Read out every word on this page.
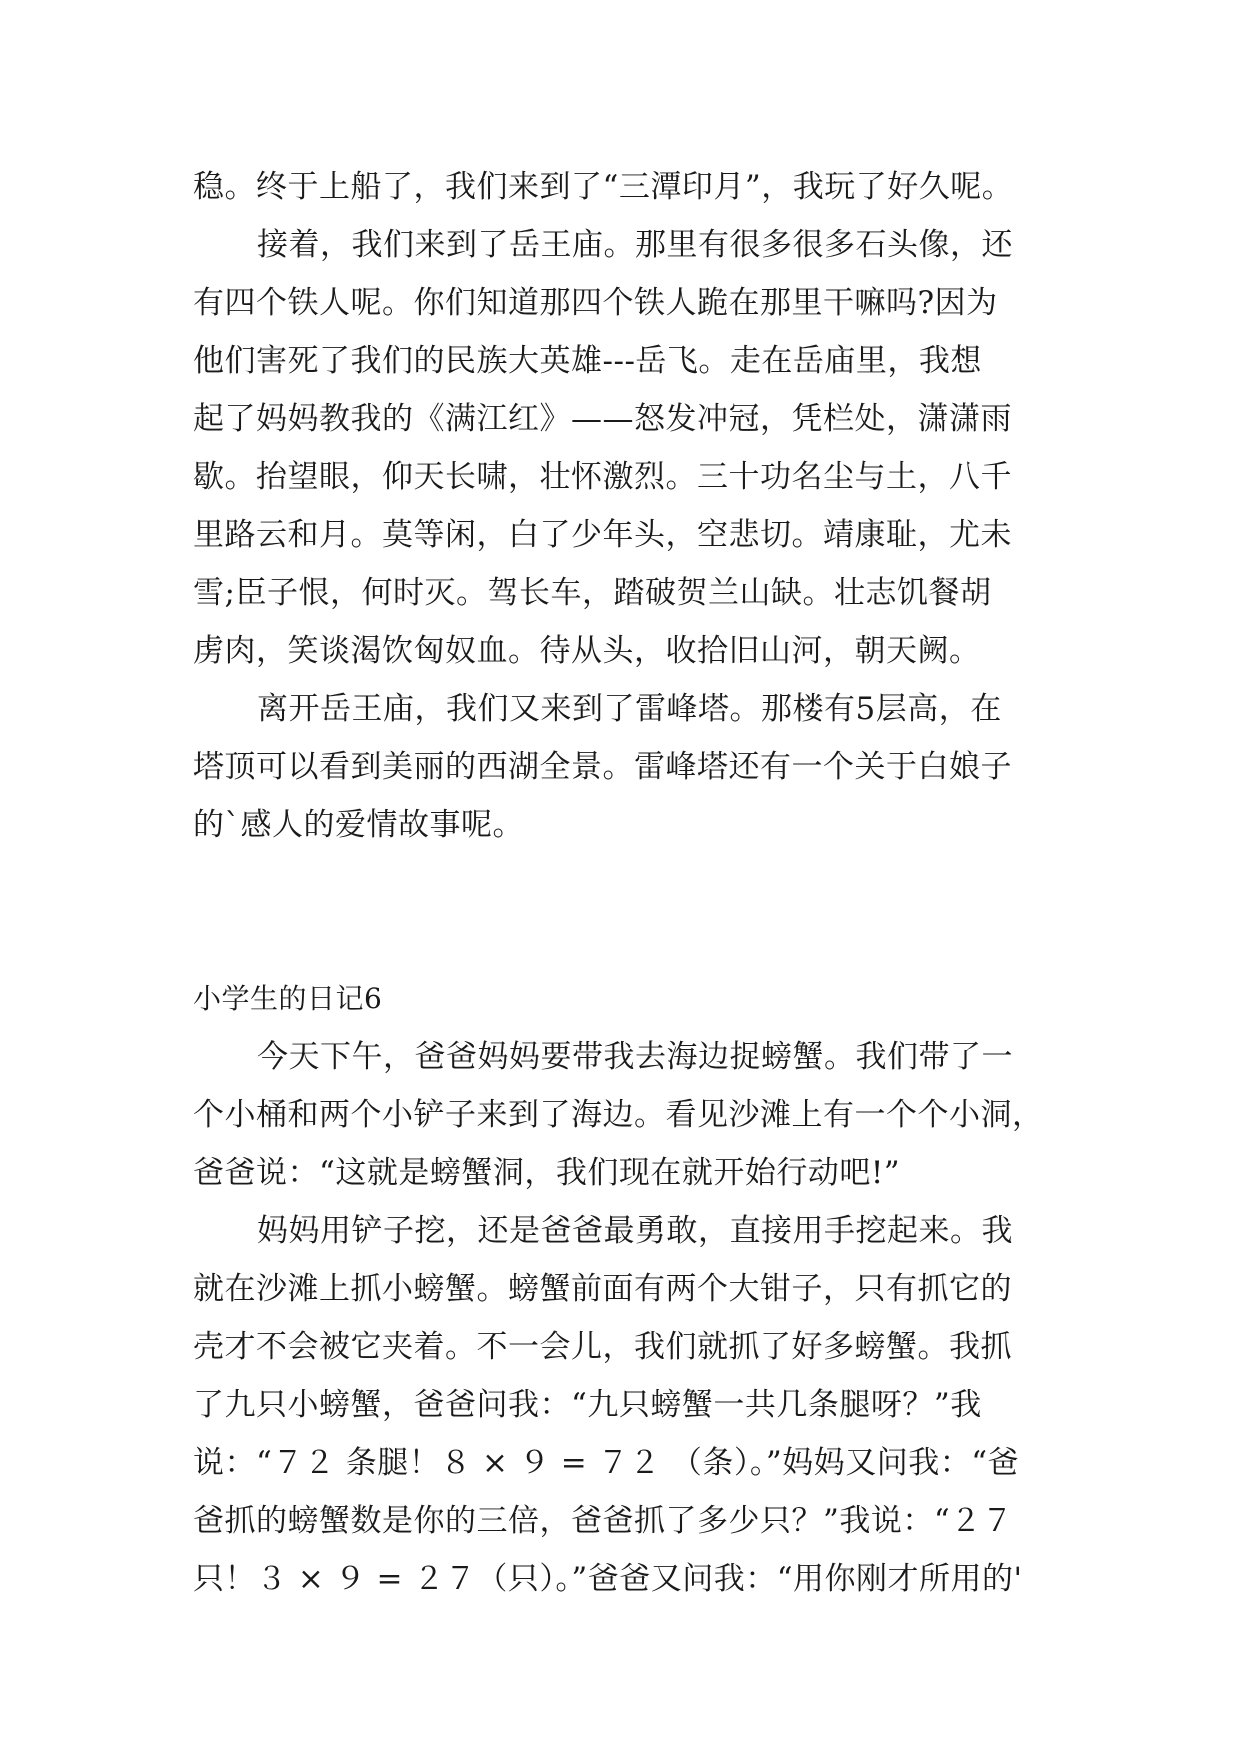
稳。终于上船了，我们来到了“三潭印月”，我玩了好久呢。
接着，我们来到了岳王庙。那里有很多很多石头像，还
有四个铁人呢。你们知道那四个铁人跪在那里干嘛吗?因为
他们害死了我们的民族大英雄---岳飞。走在岳庙里，我想
起了妈妈教我的《满江红》——怒发冲冠，凭栏处，潇潇雨
歇。抬望眼，仰天长啸，壮怀激烈。三十功名尘与土，八千
里路云和月。莫等闲，白了少年头，空悲切。靖康耻，尤未
雪;臣子恨，何时灭。驾长车，踏破贺兰山缺。壮志饥餐胡
虏肉，笑谈渴饮匈奴血。待从头，收拾旧山河，朝天阙。
离开岳王庙，我们又来到了雷峰塔。那楼有5层高，在
塔顶可以看到美丽的西湖全景。雷峰塔还有一个关于白娘子
的`感人的爱情故事呢。
小学生的日记6
今天下午，爸爸妈妈要带我去海边捉螃蟹。我们带了一
个小桶和两个小铲子来到了海边。看见沙滩上有一个个小洞，
爸爸说：“这就是螃蟹洞，我们现在就开始行动吧!”
妈妈用铲子挖，还是爸爸最勇敢，直接用手挖起来。我
就在沙滩上抓小螃蟹。螃蟹前面有两个大钳子，只有抓它的
壳才不会被它夹着。不一会儿，我们就抓了好多螃蟹。我抓
了九只小螃蟹，爸爸问我：“九只螃蟹一共几条腿呀？”我
说：“７２ 条腿！８ × ９ = ７２ （条）。”妈妈又问我：“爸
爸抓的螃蟹数是你的三倍，爸爸抓了多少只？”我说：“２７
只！３ × ９ = ２７（只）。”爸爸又问我：“用你刚才所用的'
